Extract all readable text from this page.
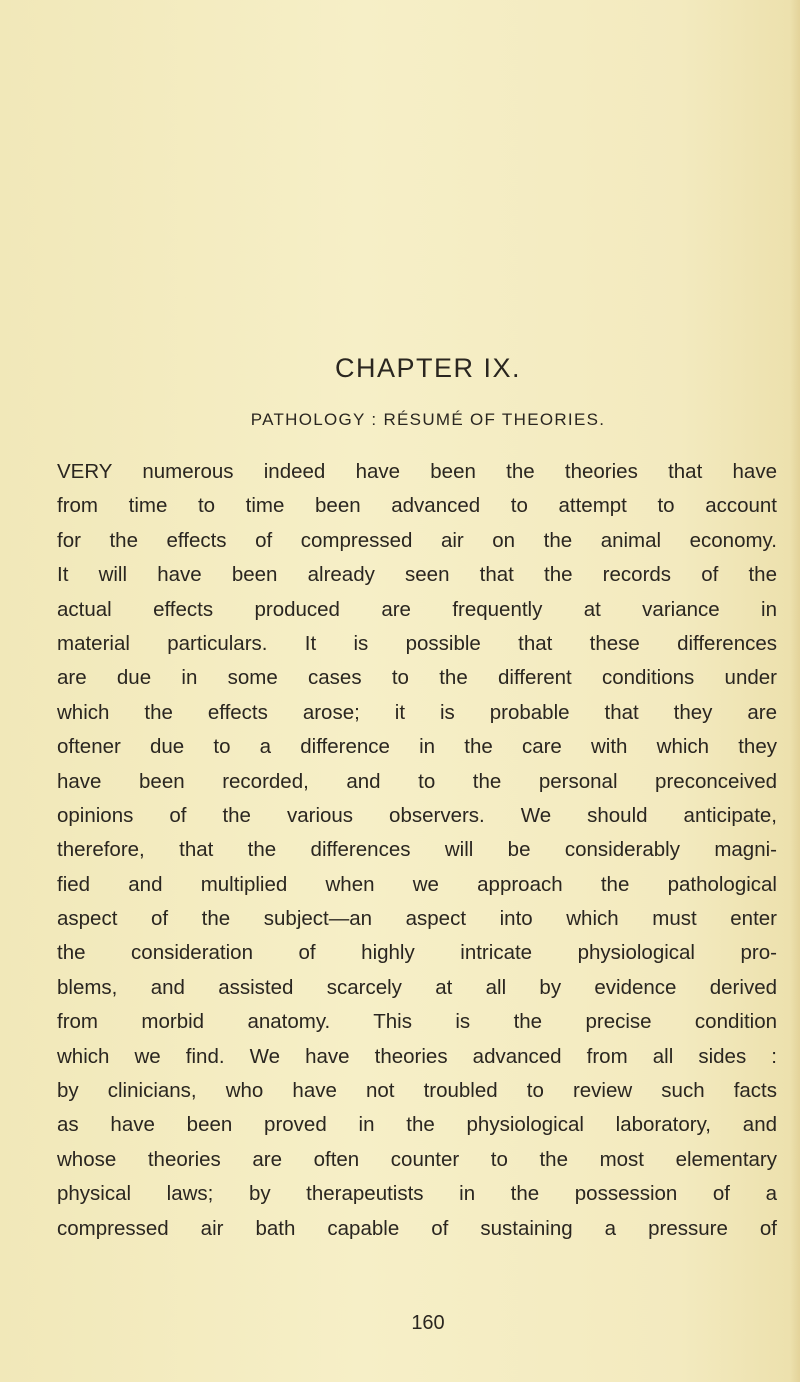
CHAPTER IX.
PATHOLOGY : RÉSUMÉ OF THEORIES.
VERY numerous indeed have been the theories that have
from time to time been advanced to attempt to account
for the effects of compressed air on the animal economy.
It will have been already seen that the records of the
actual effects produced are frequently at variance in
material particulars. It is possible that these differences
are due in some cases to the different conditions under
which the effects arose; it is probable that they are
oftener due to a difference in the care with which they
have been recorded, and to the personal preconceived
opinions of the various observers. We should anticipate,
therefore, that the differences will be considerably magni-
fied and multiplied when we approach the pathological
aspect of the subject—an aspect into which must enter
the consideration of highly intricate physiological pro-
blems, and assisted scarcely at all by evidence derived
from morbid anatomy. This is the precise condition
which we find. We have theories advanced from all sides :
by clinicians, who have not troubled to review such facts
as have been proved in the physiological laboratory, and
whose theories are often counter to the most elementary
physical laws; by therapeutists in the possession of a
compressed air bath capable of sustaining a pressure of
160
